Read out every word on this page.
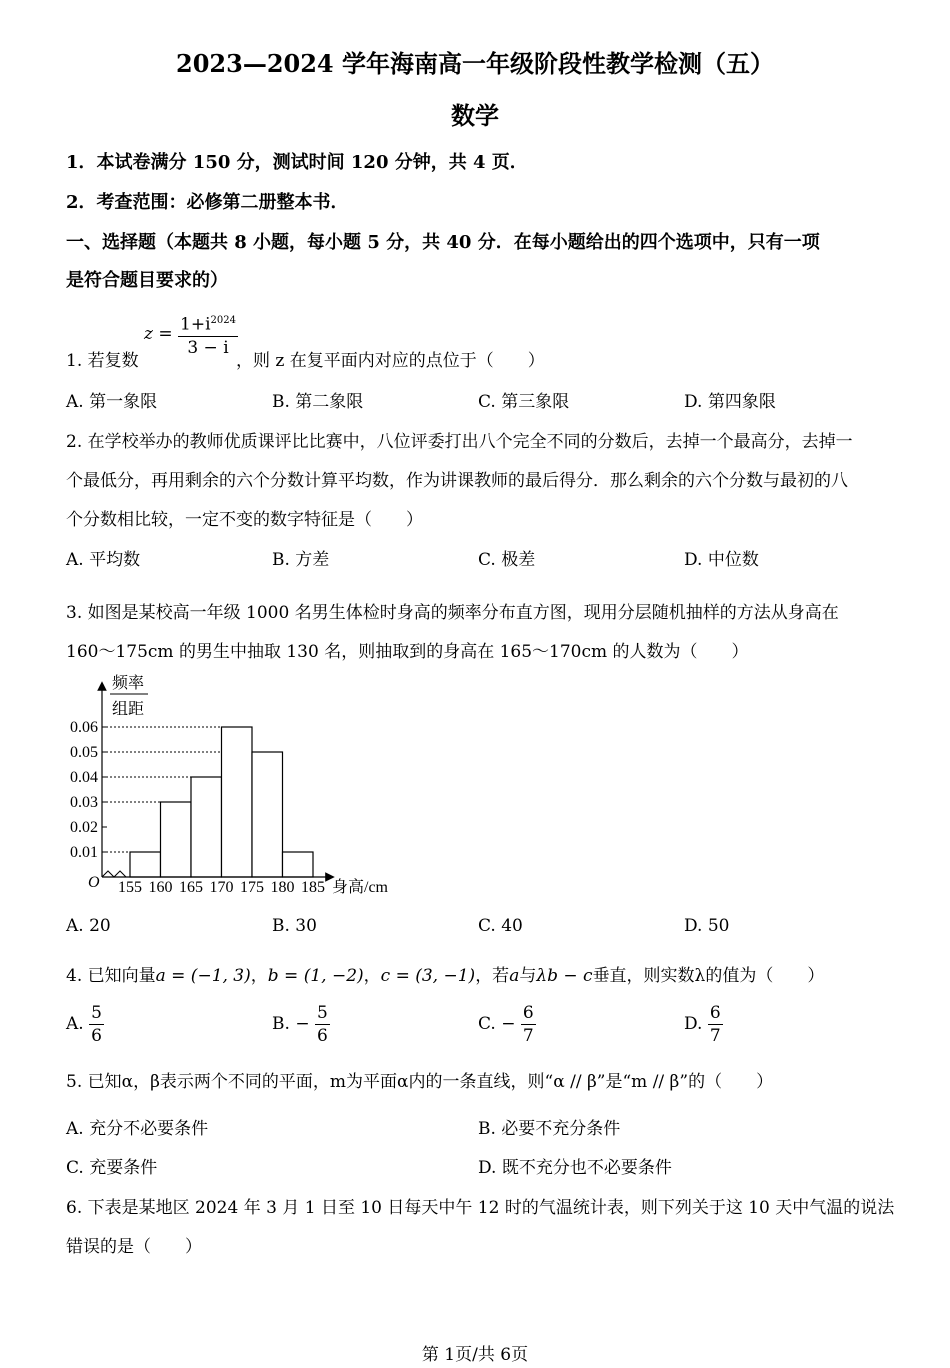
2023—2024 学年海南高一年级阶段性教学检测（五）
数学
1．本试卷满分 150 分，测试时间 120 分钟，共 4 页．
2．考查范围：必修第二册整本书．
一、选择题（本题共 8 小题，每小题 5 分，共 40 分．在每小题给出的四个选项中，只有一项
是符合题目要求的）
1. 若复数
$z = \frac{1+i^{2024}}{3 - i}$
，则 z 在复平面内对应的点位于（　　）
A. 第一象限	B. 第二象限	C. 第三象限	D. 第四象限
2. 在学校举办的教师优质课评比比赛中，八位评委打出八个完全不同的分数后，去掉一个最高分，去掉一
个最低分，再用剩余的六个分数计算平均数，作为讲课教师的最后得分．那么剩余的六个分数与最初的八
个分数相比较，一定不变的数字特征是（　　）
A. 平均数	B. 方差	C. 极差	D. 中位数
3. 如图是某校高一年级 1000 名男生体检时身高的频率分布直方图，现用分层随机抽样的方法从身高在
160～175cm 的男生中抽取 130 名，则抽取到的身高在 165～170cm 的人数为（　　）
0.01
0.02
0.03
0.04
0.05
0.06
155 160 165 170 175 180 185
频率
组距
O	身高/cm
A. 20	B. 30	C. 40	D. 50
4. 已知向量a = (−1, 3)，b = (1, −2)，c = (3, −1)，若a与λb − c垂直，则实数λ的值为（　　）
A. $\frac{5}{6}$	B. − $\frac{5}{6}$	C. − $\frac{6}{7}$	D. $\frac{6}{7}$
5. 已知α，β表示两个不同的平面，m为平面α内的一条直线，则“α // β”是“m // β”的（　　）
A. 充分不必要条件	B. 必要不充分条件
C. 充要条件	D. 既不充分也不必要条件
6. 下表是某地区 2024 年 3 月 1 日至 10 日每天中午 12 时的气温统计表，则下列关于这 10 天中气温的说法
错误的是（　　）
第 1页/共 6页
